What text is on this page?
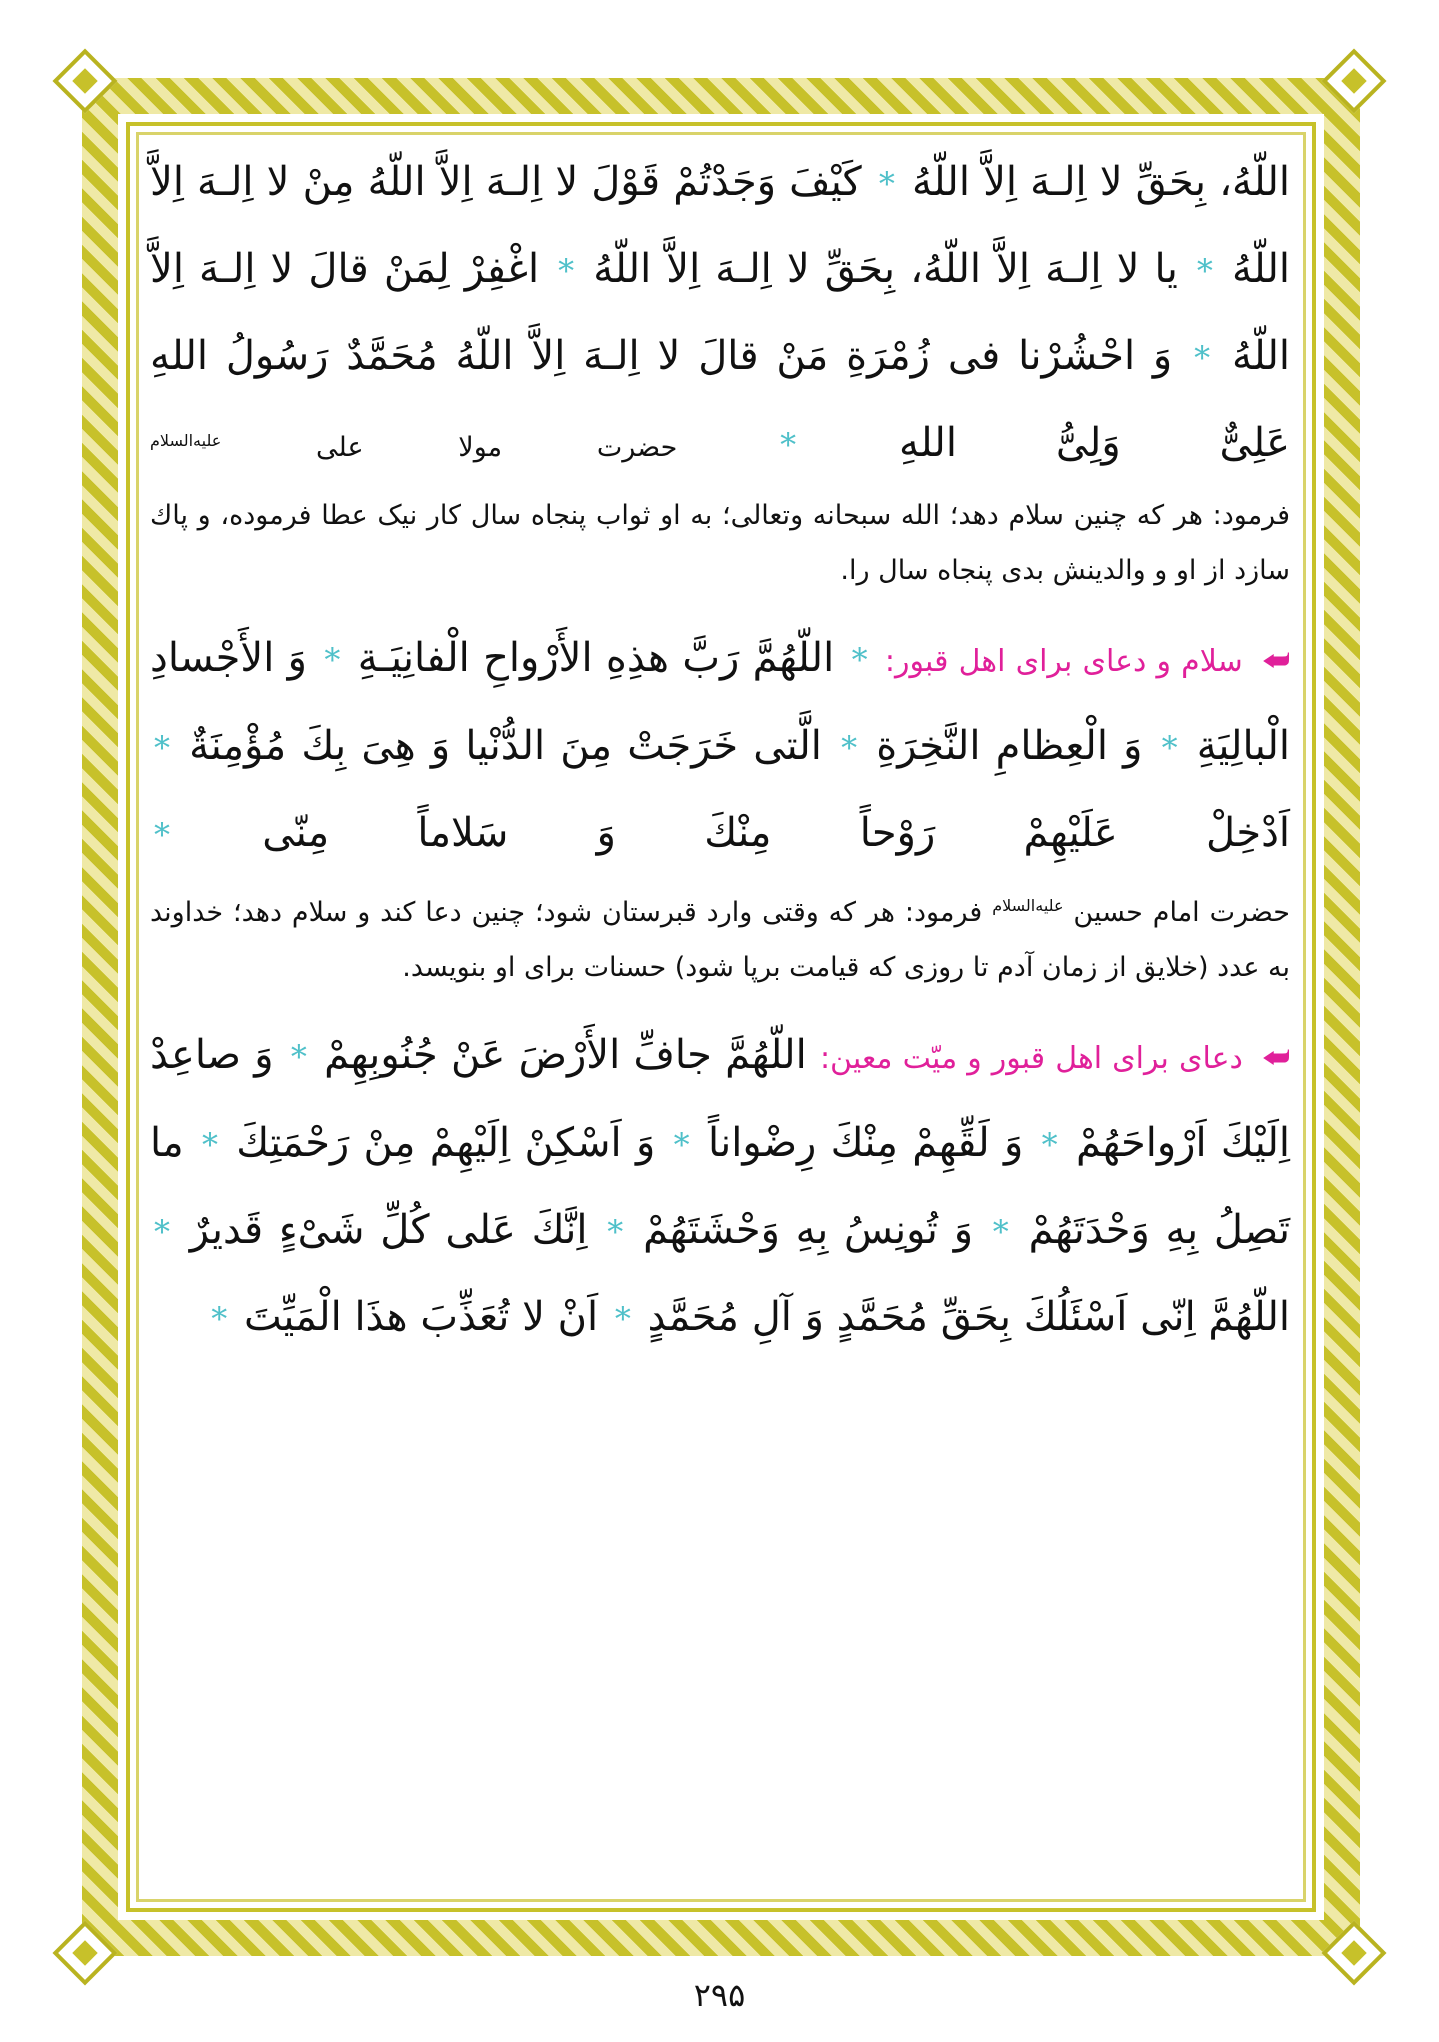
اللّهُ، بِحَقِّ لا اِلـهَ اِلاَّ اللّهُ * کَیْفَ وَجَدْتُمْ قَوْلَ لا اِلـهَ اِلاَّ اللّهُ مِنْ لا اِلـهَ اِلاَّ اللّهُ * یا لا اِلـهَ اِلاَّ اللّهُ، بِحَقِّ لا اِلـهَ اِلاَّ اللّهُ * اغْفِرْ لِمَنْ قالَ لا اِلـهَ اِلاَّ اللّهُ * وَ احْشُرْنا فی زُمْرَةِ مَنْ قالَ لا اِلـهَ اِلاَّ اللّهُ مُحَمَّدٌ رَسُولُ اللهِ عَلِیٌّ وَلِیُّ اللهِ * حضرت مولا علی $^{علیه‌السلام}$

فرمود: هر که چنین سلام دهد؛ الله سبحانه وتعالی؛ به او ثواب پنجاه سال کار نیک عطا فرموده، و پاك سازد از او و والدینش بدی پنجاه سال را.

⮨ سلام و دعای برای اهل قبور: * اللّهُمَّ رَبَّ هذِهِ الأَرْواحِ الْفانِیَـةِ * وَ الأَجْسادِ الْبالِیَةِ * وَ الْعِظامِ النَّخِرَةِ * الَّتی خَرَجَتْ مِنَ الدُّنْیا وَ هِیَ بِكَ مُؤْمِنَةٌ * اَدْخِلْ عَلَیْهِمْ رَوْحاً مِنْكَ وَ سَلاماً مِنّی *

حضرت امام حسین $^{علیه‌السلام}$ فرمود: هر که وقتی وارد قبرستان شود؛ چنین دعا کند و سلام دهد؛ خداوند به عدد (خلایق از زمان آدم تا روزی که قیامت برپا شود) حسنات برای او بنویسد.

⮨ دعای برای اهل قبور و میّت معین: اللّهُمَّ جافِّ الأَرْضَ عَنْ جُنُوبِهِمْ * وَ صاعِدْ اِلَیْكَ اَرْواحَهُمْ * وَ لَقِّهِمْ مِنْكَ رِضْواناً * وَ اَسْكِنْ اِلَیْهِمْ مِنْ رَحْمَتِكَ * ما تَصِلُ بِهِ وَحْدَتَهُمْ * وَ تُونِسُ بِهِ وَحْشَتَهُمْ * اِنَّكَ عَلی كُلِّ شَیْءٍ قَدیرٌ * اللّهُمَّ اِنّی اَسْئَلُكَ بِحَقِّ مُحَمَّدٍ وَ آلِ مُحَمَّدٍ * اَنْ لا تُعَذِّبَ هذَا الْمَیِّتَ *

۲۹۵
